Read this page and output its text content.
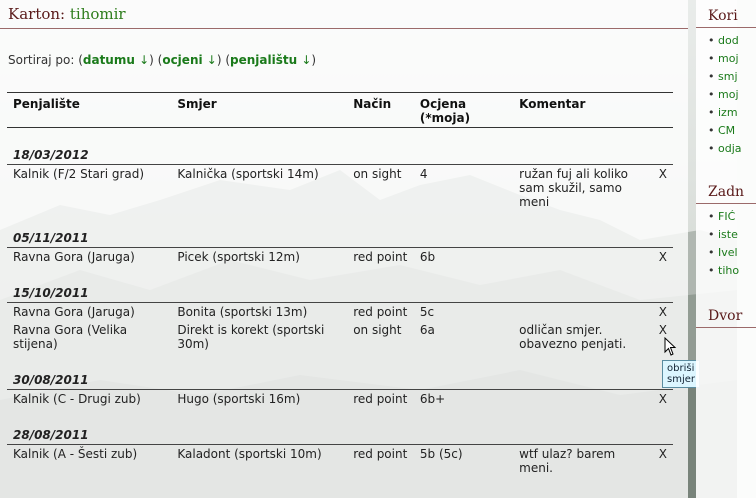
Karton: tihomir
Sortiraj po: (datumu ↓) (ocjeni ↓) (penjalištu ↓)
Penjalište	Smjer	Način	Ocjena (*moja)	Komentar	
18/03/2012					
Kalnik (F/2 Stari grad)	Kalnička (sportski 14m)	on sight	4	ružan fuj ali koliko sam skužil, samo meni	X
05/11/2011					
Ravna Gora (Jaruga)	Picek (sportski 12m)	red point	6b		X
15/10/2011					
Ravna Gora (Jaruga)	Bonita (sportski 13m)	red point	5c		X
Ravna Gora (Velika stijena)	Direkt is korekt (sportski 30m)	on sight	6a	odličan smjer. obavezno penjati.	X
30/08/2011					
Kalnik (C - Drugi zub)	Hugo (sportski 16m)	red point	6b+		X
28/08/2011					
Kalnik (A - Šesti zub)	Kaladont (sportski 10m)	red point	5b (5c)	wtf ulaz? barem meni.	X
obriši smjer
Kori
• dod
• moj
• smj
• moj
• izm
• CM
• odja
Zadn
• FIĆ
• iste
• Ivel
• tiho
Dvor
